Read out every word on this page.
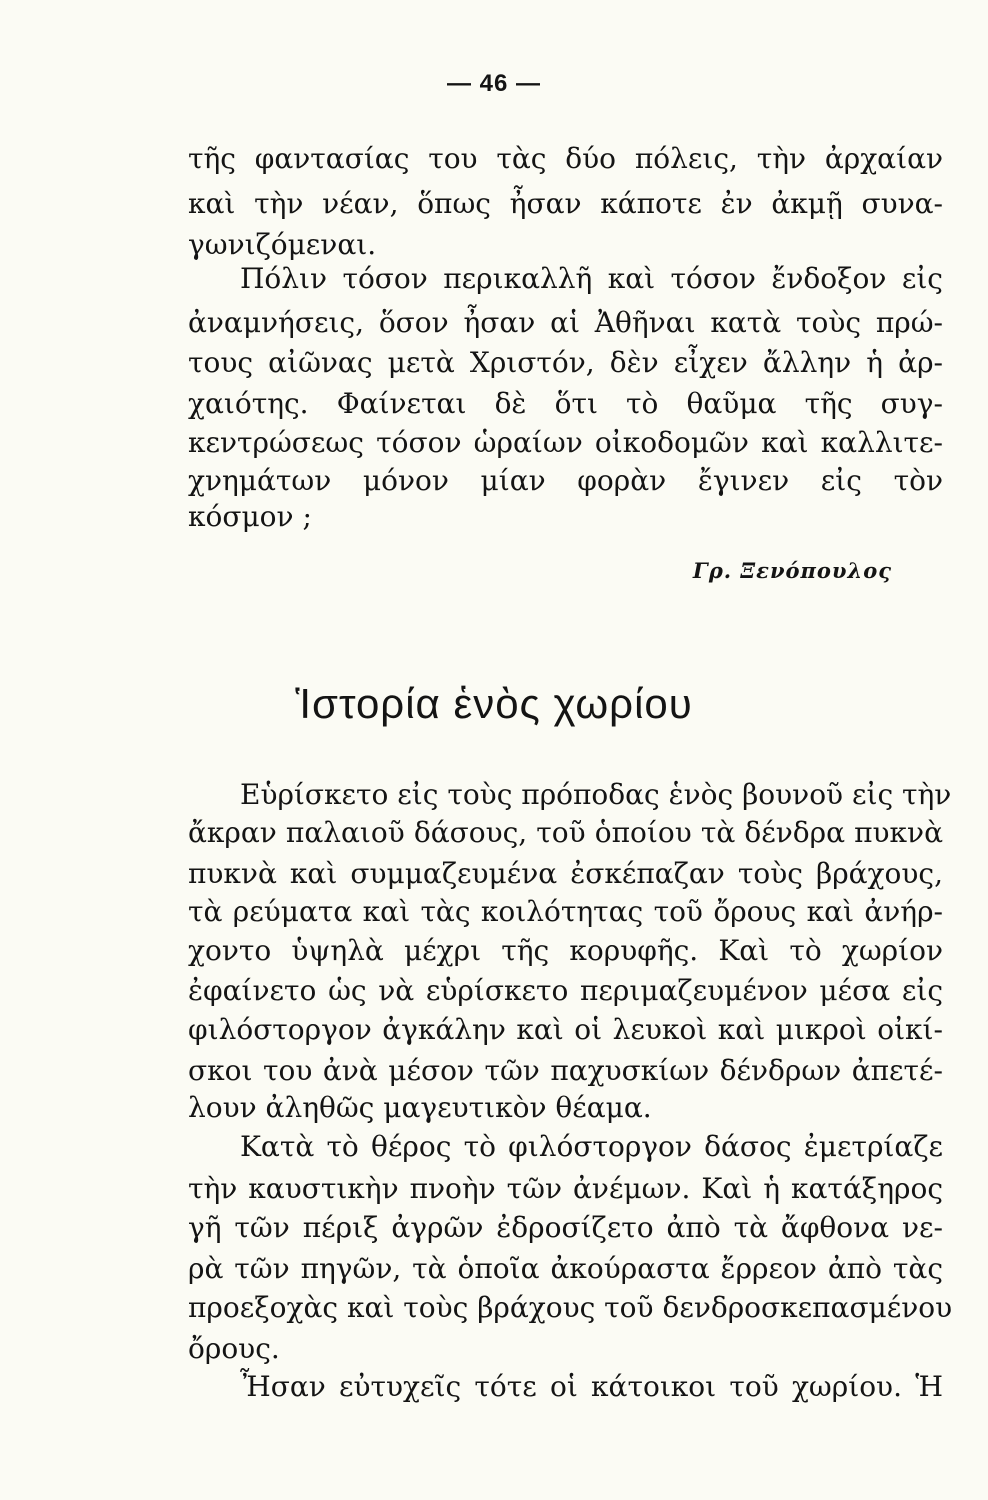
— 46 —
τῆς φαντασίας του τὰς δύο πόλεις, τὴν ἀρχαίαν
καὶ τὴν νέαν, ὅπως ἦσαν κάποτε ἐν ἀκμῇ συνα-
γωνιζόμεναι.
Πόλιν τόσον περικαλλῆ καὶ τόσον ἔνδοξον εἰς
ἀναμνήσεις, ὅσον ἦσαν αἱ Ἀθῆναι κατὰ τοὺς πρώ-
τους αἰῶνας μετὰ Χριστόν, δὲν εἶχεν ἄλλην ἡ ἀρ-
χαιότης. Φαίνεται δὲ ὅτι τὸ θαῦμα τῆς συγ-
κεντρώσεως τόσον ὡραίων οἰκοδομῶν καὶ καλλιτε-
χνημάτων μόνον μίαν φορὰν ἔγινεν εἰς τὸν
κόσμον ;
Γρ. Ξενόπουλος
Ἱστορία ἑνὸς χωρίου
Εὑρίσκετο εἰς τοὺς πρόποδας ἑνὸς βουνοῦ εἰς τὴν
ἄκραν παλαιοῦ δάσους, τοῦ ὁποίου τὰ δένδρα πυκνὰ
πυκνὰ καὶ συμμαζευμένα ἐσκέπαζαν τοὺς βράχους,
τὰ ρεύματα καὶ τὰς κοιλότητας τοῦ ὄρους καὶ ἀνήρ-
χοντο ὑψηλὰ μέχρι τῆς κορυφῆς. Καὶ τὸ χωρίον
ἐφαίνετο ὡς νὰ εὑρίσκετο περιμαζευμένον μέσα εἰς
φιλόστοργον ἀγκάλην καὶ οἱ λευκοὶ καὶ μικροὶ οἰκί-
σκοι του ἀνὰ μέσον τῶν παχυσκίων δένδρων ἀπετέ-
λουν ἀληθῶς μαγευτικὸν θέαμα.
Κατὰ τὸ θέρος τὸ φιλόστοργον δάσος ἐμετρίαζε
τὴν καυστικὴν πνοὴν τῶν ἀνέμων. Καὶ ἡ κατάξηρος
γῆ τῶν πέριξ ἀγρῶν ἐδροσίζετο ἀπὸ τὰ ἄφθονα νε-
ρὰ τῶν πηγῶν, τὰ ὁποῖα ἀκούραστα ἔρρεον ἀπὸ τὰς
προεξοχὰς καὶ τοὺς βράχους τοῦ δενδροσκεπασμένου
ὄρους.
Ἦσαν εὐτυχεῖς τότε οἱ κάτοικοι τοῦ χωρίου. Ἡ
